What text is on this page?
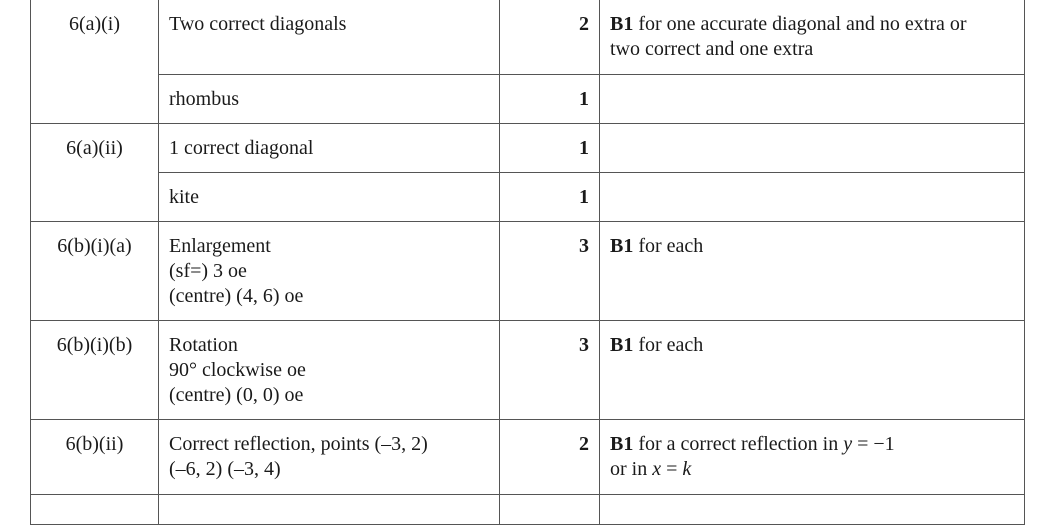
6(a)(i)	Two correct diagonals	2	B1 for one accurate diagonal and no extra or
two correct and one extra

	rhombus	1	
6(a)(ii)	1 correct diagonal	1	

	kite	1	
6(b)(i)(a)	Enlargement
(sf=) 3 oe
(centre) (4, 6) oe	3	B1 for each
6(b)(i)(b)	Rotation
90° clockwise oe
(centre) (0, 0) oe	3	B1 for each
6(b)(ii)	Correct reflection, points (–3, 2)
(–6, 2) (–3, 4)	2	B1 for a correct reflection in y = −1
or in x = k
